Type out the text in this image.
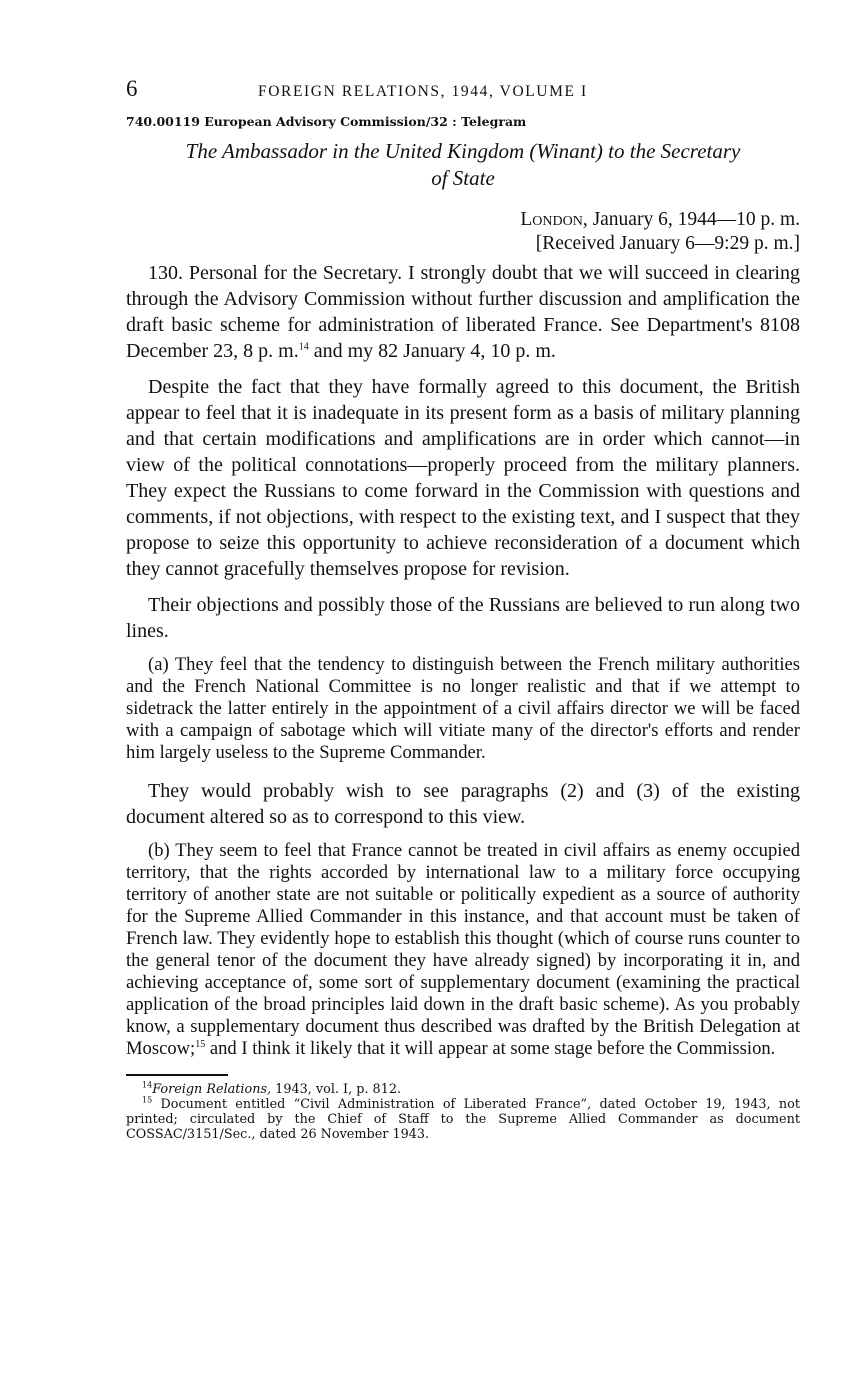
6	FOREIGN RELATIONS, 1944, VOLUME I
740.00119 European Advisory Commission/32 : Telegram
The Ambassador in the United Kingdom (Winant) to the Secretary
of State
London, January 6, 1944—10 p. m.
[Received January 6—9:29 p. m.]

130. Personal for the Secretary. I strongly doubt that we will succeed in clearing through the Advisory Commission without further discussion and amplification the draft basic scheme for administration of liberated France. See Department's 8108 December 23, 8 p. m.$^{14}$ and my 82 January 4, 10 p. m.

Despite the fact that they have formally agreed to this document, the British appear to feel that it is inadequate in its present form as a basis of military planning and that certain modifications and amplifications are in order which cannot—in view of the political connotations—properly proceed from the military planners. They expect the Russians to come forward in the Commission with questions and comments, if not objections, with respect to the existing text, and I suspect that they propose to seize this opportunity to achieve reconsideration of a document which they cannot gracefully themselves propose for revision.

Their objections and possibly those of the Russians are believed to run along two lines.

(a) They feel that the tendency to distinguish between the French military authorities and the French National Committee is no longer realistic and that if we attempt to sidetrack the latter entirely in the appointment of a civil affairs director we will be faced with a campaign of sabotage which will vitiate many of the director's efforts and render him largely useless to the Supreme Commander.

They would probably wish to see paragraphs (2) and (3) of the existing document altered so as to correspond to this view.

(b) They seem to feel that France cannot be treated in civil affairs as enemy occupied territory, that the rights accorded by international law to a military force occupying territory of another state are not suitable or politically expedient as a source of authority for the Supreme Allied Commander in this instance, and that account must be taken of French law. They evidently hope to establish this thought (which of course runs counter to the general tenor of the document they have already signed) by incorporating it in, and achieving acceptance of, some sort of supplementary document (examining the practical application of the broad principles laid down in the draft basic scheme). As you probably know, a supplementary document thus described was drafted by the British Delegation at Moscow;$^{15}$ and I think it likely that it will appear at some stage before the Commission.

$^{14}$Foreign Relations, 1943, vol. I, p. 812.

$^{15}$ Document entitled “Civil Administration of Liberated France”, dated October 19, 1943, not printed; circulated by the Chief of Staff to the Supreme Allied Commander as document COSSAC/3151/Sec., dated 26 November 1943.
